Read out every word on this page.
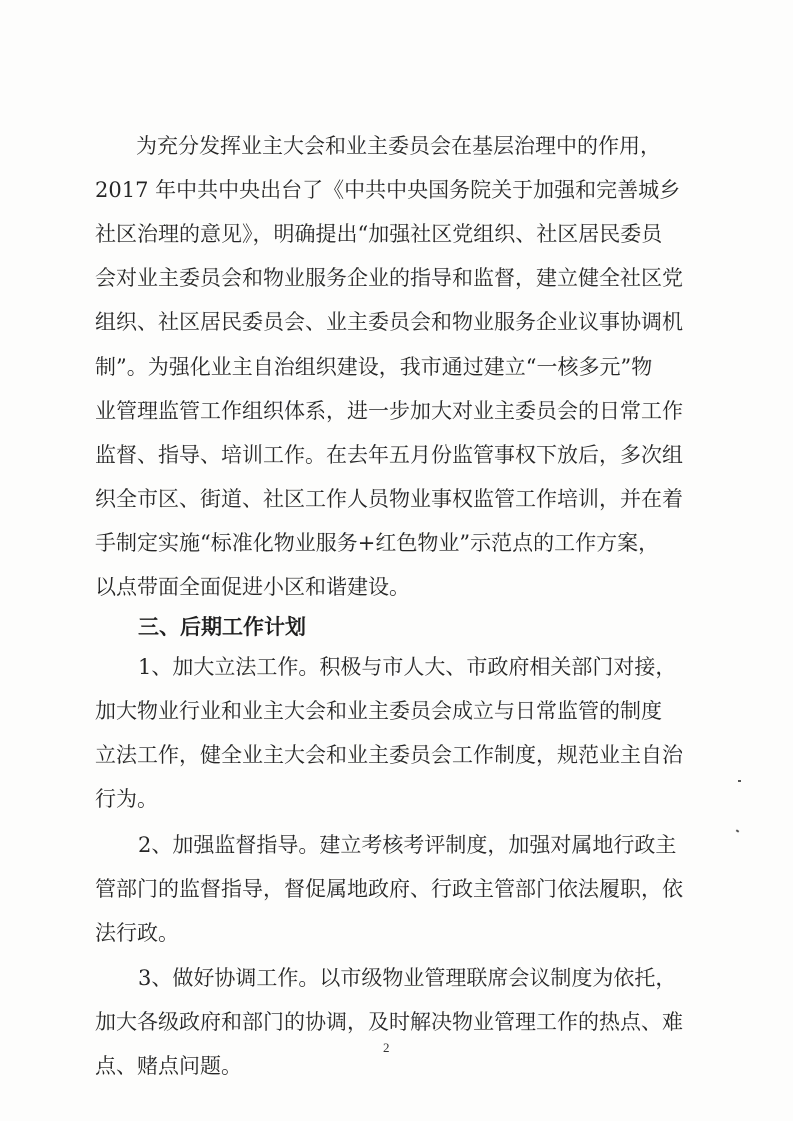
为充分发挥业主大会和业主委员会在基层治理中的作用，

2017 年中共中央出台了《中共中央国务院关于加强和完善城乡

社区治理的意见》，明确提出“加强社区党组织、社区居民委员

会对业主委员会和物业服务企业的指导和监督，建立健全社区党

组织、社区居民委员会、业主委员会和物业服务企业议事协调机

制”。为强化业主自治组织建设，我市通过建立“一核多元”物

业管理监管工作组织体系，进一步加大对业主委员会的日常工作

监督、指导、培训工作。在去年五月份监管事权下放后，多次组

织全市区、街道、社区工作人员物业事权监管工作培训，并在着

手制定实施“标准化物业服务+红色物业”示范点的工作方案，

以点带面全面促进小区和谐建设。

三、后期工作计划

1、加大立法工作。积极与市人大、市政府相关部门对接，

加大物业行业和业主大会和业主委员会成立与日常监管的制度

立法工作，健全业主大会和业主委员会工作制度，规范业主自治

行为。

2、加强监督指导。建立考核考评制度，加强对属地行政主

管部门的监督指导，督促属地政府、行政主管部门依法履职，依

法行政。

3、做好协调工作。以市级物业管理联席会议制度为依托，

加大各级政府和部门的协调，及时解决物业管理工作的热点、难

点、赌点问题。

2
